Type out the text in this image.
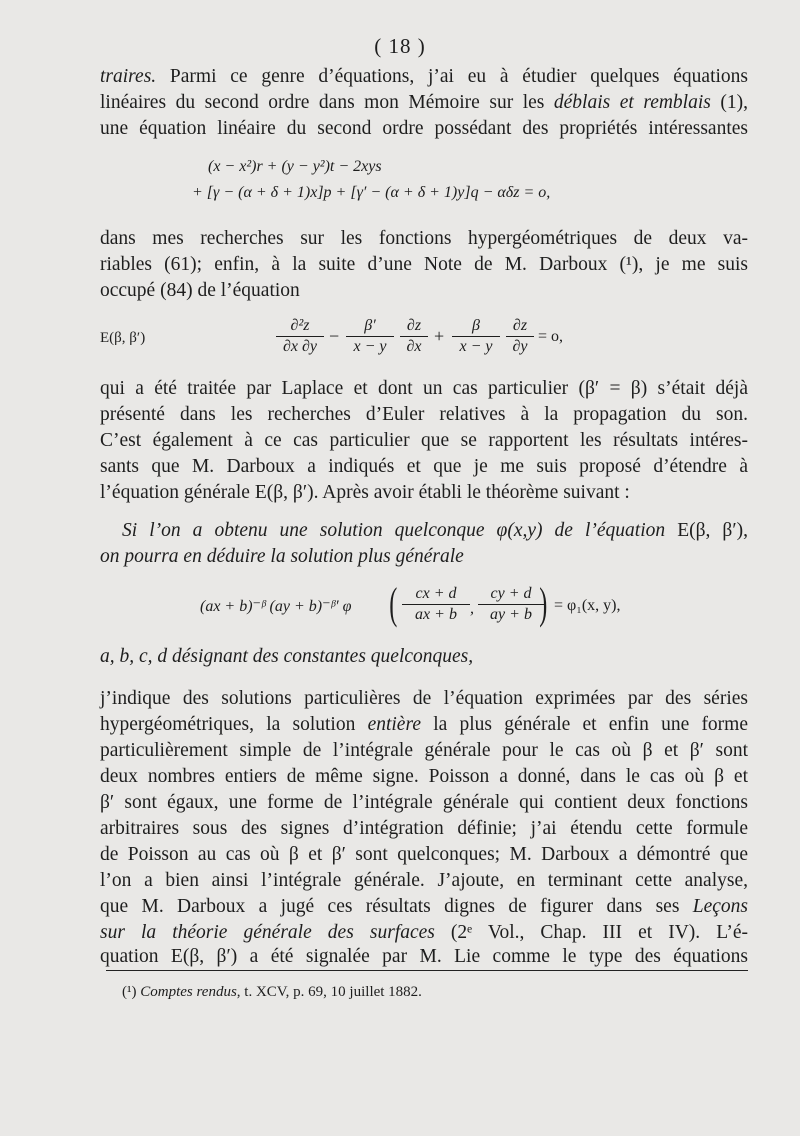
( 18 )
traires. Parmi ce genre d’équations, j’ai eu à étudier quelques équations
linéaires du second ordre dans mon Mémoire sur les déblais et remblais (1),
une équation linéaire du second ordre possédant des propriétés intéressantes
(x − x²)r + (y − y²)t − 2xys
+ [γ − (α + δ + 1)x]p + [γ′ − (α + δ + 1)y]q − αδz = o,
dans mes recherches sur les fonctions hypergéométriques de deux va-
riables (61); enfin, à la suite d’une Note de M. Darboux (¹), je me suis
occupé (84) de l’équation
E(β, β′)	$\frac{\text{∂²z}}{\partial x \partial y} - \frac{\beta'}{x - y} \frac{\partial z}{\partial x} + \frac{\beta}{x - y} \frac{\partial z}{\partial y} = o$,
qui a été traitée par Laplace et dont un cas particulier (β′ = β) s’était déjà
présenté dans les recherches d’Euler relatives à la propagation du son.
C’est également à ce cas particulier que se rapportent les résultats intéres-
sants que M. Darboux a indiqués et que je me suis proposé d’étendre à
l’équation générale E(β, β′). Après avoir établi le théorème suivant :
Si l’on a obtenu une solution quelconque φ(x,y) de l’équation E(β, β′),
on pourra en déduire la solution plus générale
(ax + b)⁻ᵝ (ay + b)⁻ᵝ′ φ ( $\frac{cx + d}{ax + b}$ , $\frac{cy + d}{ay + b}$
) = φ₁(x, y),
a, b, c, d désignant des constantes quelconques,
j’indique des solutions particulières de l’équation exprimées par des séries
hypergéométriques, la solution entière la plus générale et enfin une forme
particulièrement simple de l’intégrale générale pour le cas où β et β′ sont
deux nombres entiers de même signe. Poisson a donné, dans le cas où β et
β′ sont égaux, une forme de l’intégrale générale qui contient deux fonctions
arbitraires sous des signes d’intégration définie; j’ai étendu cette formule
de Poisson au cas où β et β′ sont quelconques; M. Darboux a démontré que
l’on a bien ainsi l’intégrale générale. J’ajoute, en terminant cette analyse,
que M. Darboux a jugé ces résultats dignes de figurer dans ses Leçons
sur la théorie générale des surfaces (2ᵉ Vol., Chap. III et IV). L’é-
quation E(β, β′) a été signalée par M. Lie comme le type des équations
(¹) Comptes rendus, t. XCV, p. 69, 10 juillet 1882.
